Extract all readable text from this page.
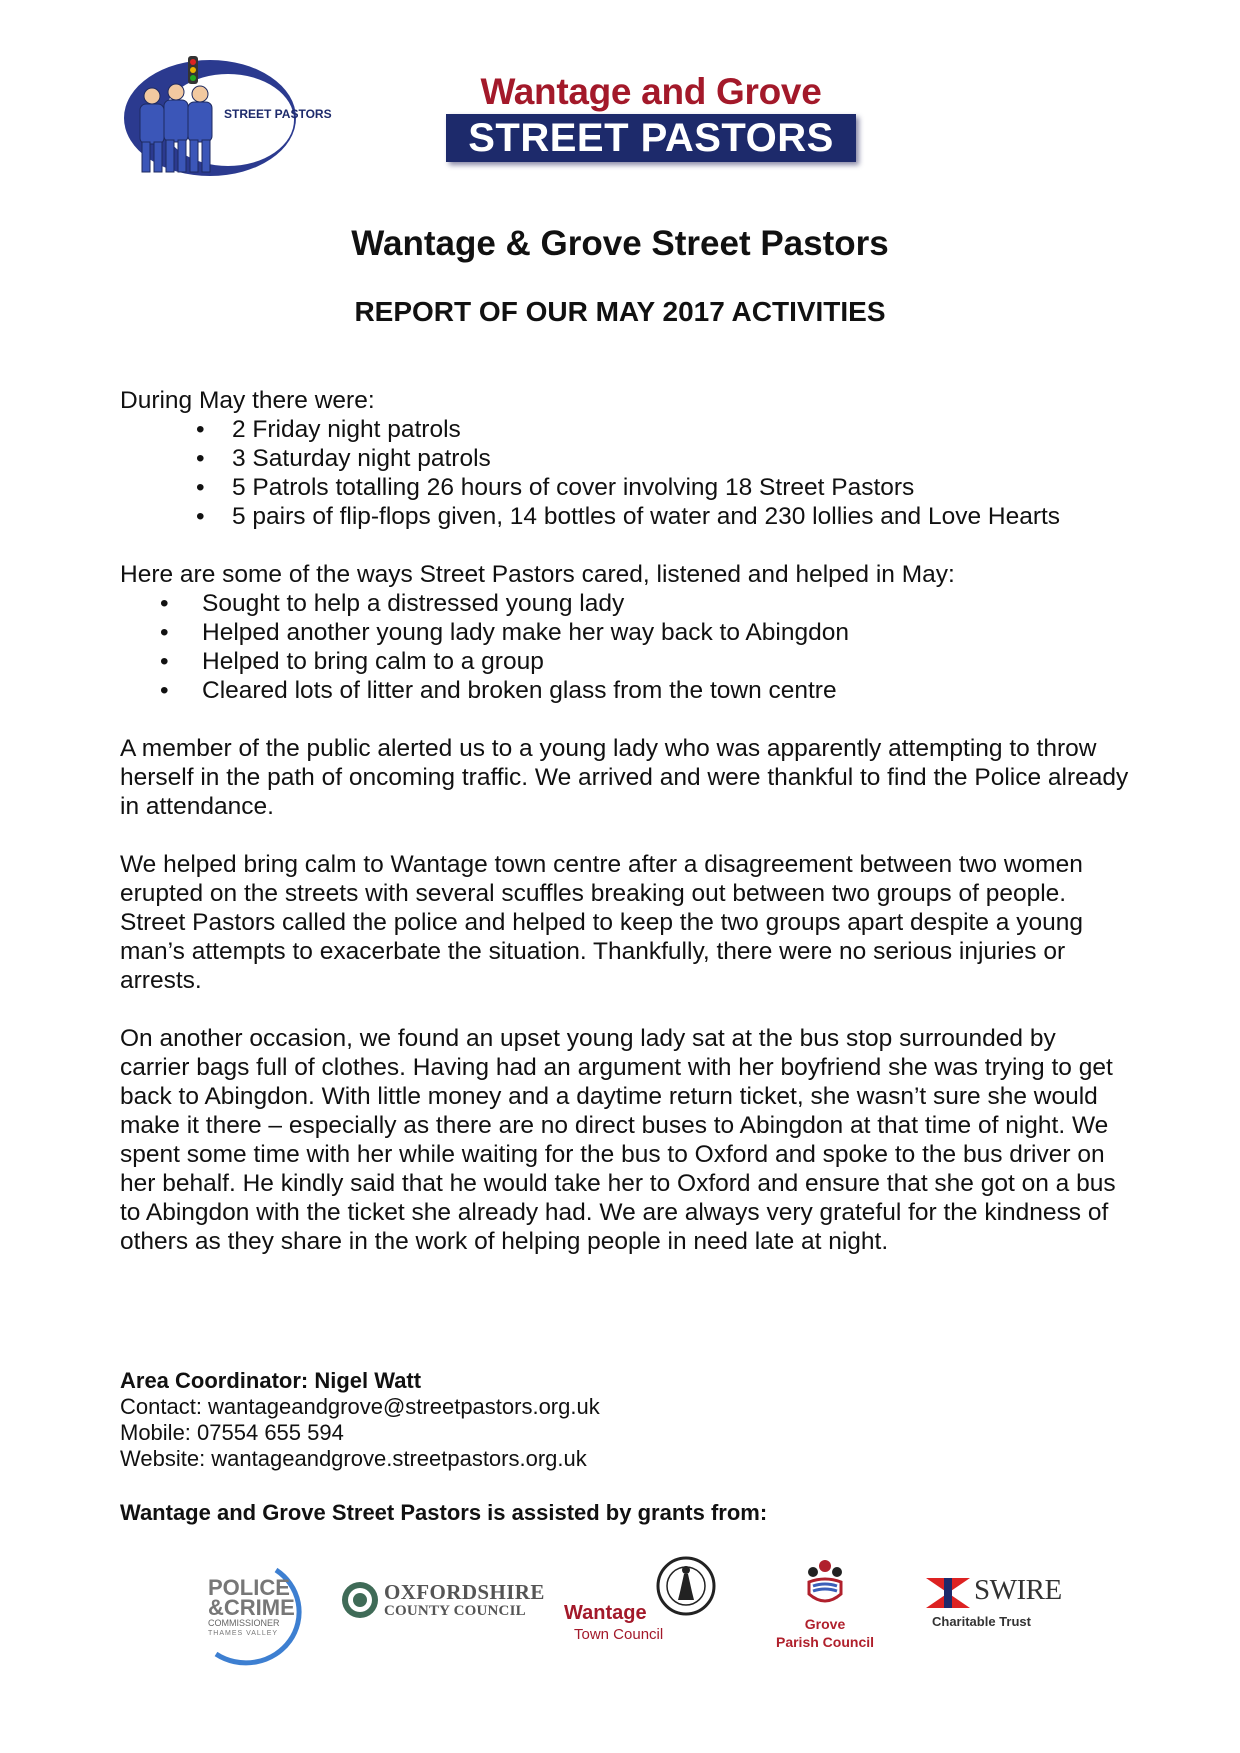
STREET PASTORS
Wantage and Grove
STREET PASTORS
Wantage & Grove Street Pastors
REPORT OF OUR MAY 2017 ACTIVITIES

During May there were:

• 2 Friday night patrols
• 3 Saturday night patrols
• 5 Patrols totalling 26 hours of cover involving 18 Street Pastors
• 5 pairs of flip-flops given, 14 bottles of water and 230 lollies and Love Hearts

Here are some of the ways Street Pastors cared, listened and helped in May:

• Sought to help a distressed young lady
• Helped another young lady make her way back to Abingdon
• Helped to bring calm to a group
• Cleared lots of litter and broken glass from the town centre

A member of the public alerted us to a young lady who was apparently attempting to throw herself in the path of oncoming traffic. We arrived and were thankful to find the Police already in attendance.

We helped bring calm to Wantage town centre after a disagreement between two women erupted on the streets with several scuffles breaking out between two groups of people. Street Pastors called the police and helped to keep the two groups apart despite a young man’s attempts to exacerbate the situation. Thankfully, there were no serious injuries or arrests.

On another occasion, we found an upset young lady sat at the bus stop surrounded by carrier bags full of clothes. Having had an argument with her boyfriend she was trying to get back to Abingdon. With little money and a daytime return ticket, she wasn’t sure she would make it there – especially as there are no direct buses to Abingdon at that time of night. We spent some time with her while waiting for the bus to Oxford and spoke to the bus driver on her behalf. He kindly said that he would take her to Oxford and ensure that she got on a bus to Abingdon with the ticket she already had. We are always very grateful for the kindness of others as they share in the work of helping people in need late at night.

Area Coordinator: Nigel Watt
Contact: wantageandgrove@streetpastors.org.uk
Mobile: 07554 655 594
Website: wantageandgrove.streetpastors.org.uk
Wantage and Grove Street Pastors is assisted by grants from:
POLICE
&CRIME
COMMISSIONER
THAMES VALLEY
OXFORDSHIRE
COUNTY COUNCIL	Wantage
Town Council
Grove
Parish Council
SWIRE
Charitable Trust
